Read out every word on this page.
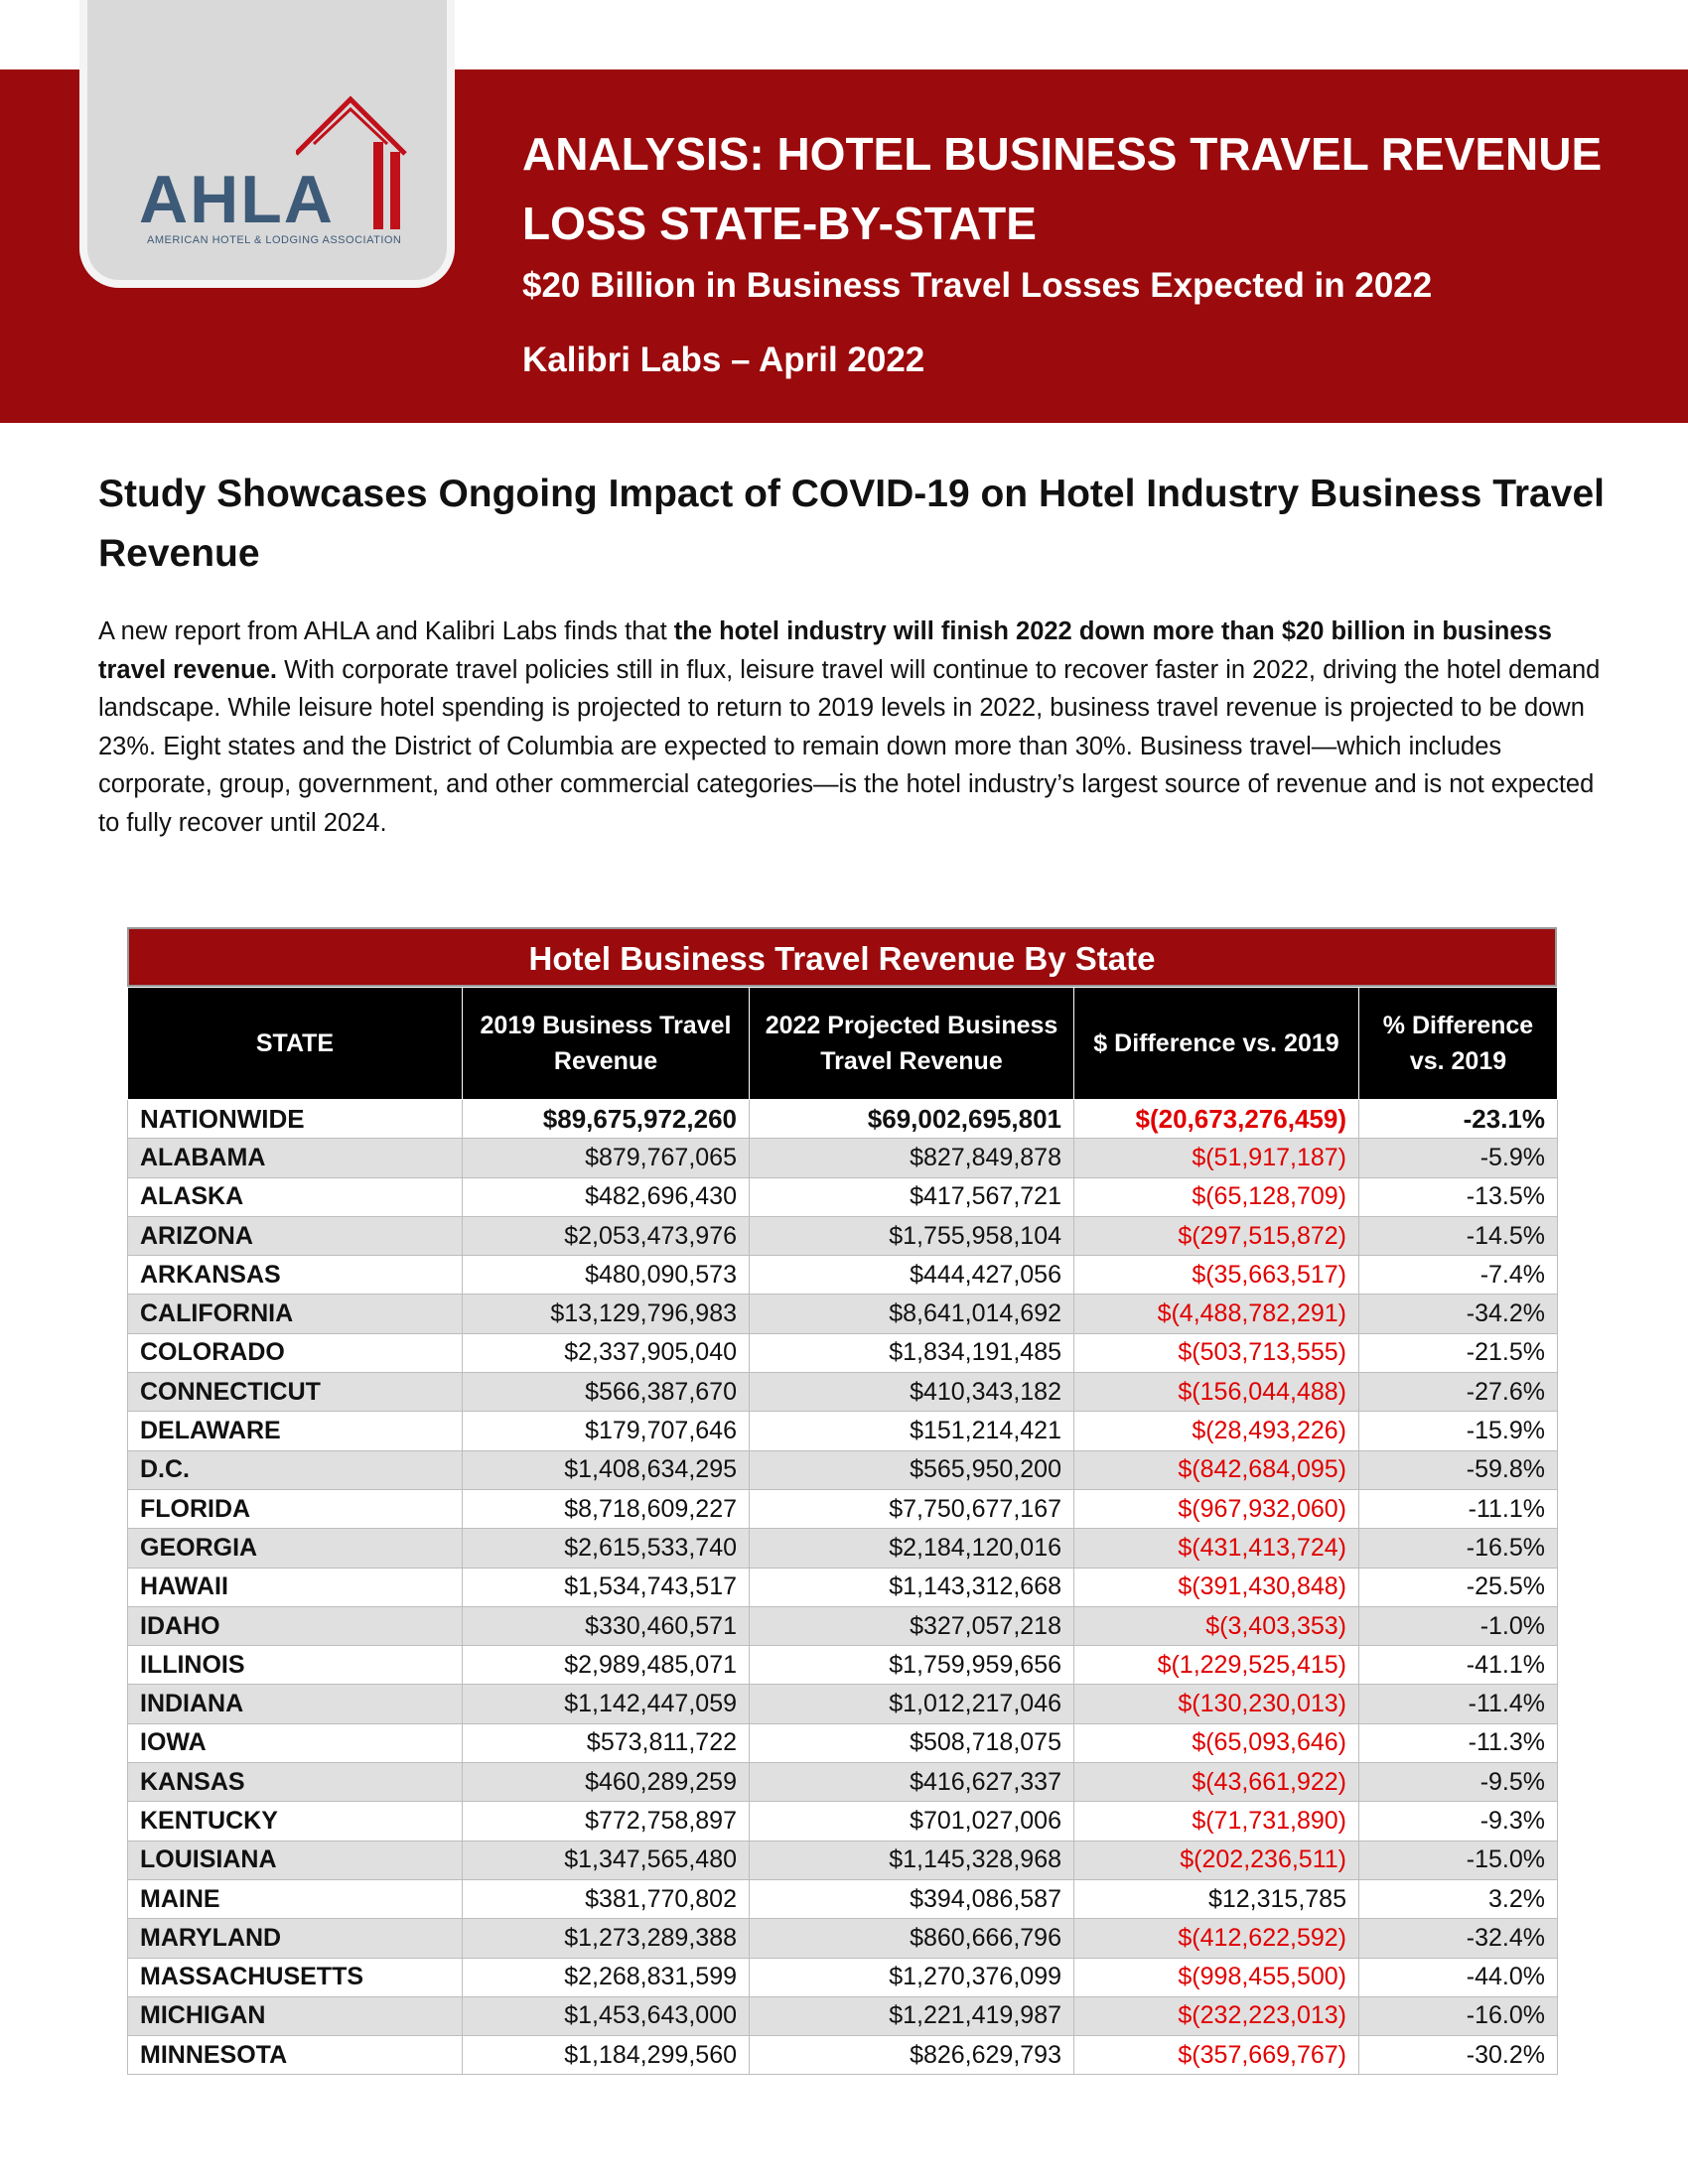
AHLA
AMERICAN HOTEL & LODGING ASSOCIATION
ANALYSIS: HOTEL BUSINESS TRAVEL REVENUE LOSS STATE-BY-STATE
$20 Billion in Business Travel Losses Expected in 2022
Kalibri Labs – April 2022
Study Showcases Ongoing Impact of COVID-19 on Hotel Industry Business Travel Revenue
A new report from AHLA and Kalibri Labs finds that the hotel industry will finish 2022 down more than $20 billion in business travel revenue. With corporate travel policies still in flux, leisure travel will continue to recover faster in 2022, driving the hotel demand landscape. While leisure hotel spending is projected to return to 2019 levels in 2022, business travel revenue is projected to be down 23%. Eight states and the District of Columbia are expected to remain down more than 30%. Business travel—which includes corporate, group, government, and other commercial categories—is the hotel industry’s largest source of revenue and is not expected to fully recover until 2024.
Hotel Business Travel Revenue By State
STATE	2019 Business Travel Revenue	2022 Projected Business Travel Revenue	$ Difference vs. 2019	% Difference vs. 2019
NATIONWIDE	$89,675,972,260	$69,002,695,801	$(20,673,276,459)	-23.1%
ALABAMA	$879,767,065	$827,849,878	$(51,917,187)	-5.9%
ALASKA	$482,696,430	$417,567,721	$(65,128,709)	-13.5%
ARIZONA	$2,053,473,976	$1,755,958,104	$(297,515,872)	-14.5%
ARKANSAS	$480,090,573	$444,427,056	$(35,663,517)	-7.4%
CALIFORNIA	$13,129,796,983	$8,641,014,692	$(4,488,782,291)	-34.2%
COLORADO	$2,337,905,040	$1,834,191,485	$(503,713,555)	-21.5%
CONNECTICUT	$566,387,670	$410,343,182	$(156,044,488)	-27.6%
DELAWARE	$179,707,646	$151,214,421	$(28,493,226)	-15.9%
D.C.	$1,408,634,295	$565,950,200	$(842,684,095)	-59.8%
FLORIDA	$8,718,609,227	$7,750,677,167	$(967,932,060)	-11.1%
GEORGIA	$2,615,533,740	$2,184,120,016	$(431,413,724)	-16.5%
HAWAII	$1,534,743,517	$1,143,312,668	$(391,430,848)	-25.5%
IDAHO	$330,460,571	$327,057,218	$(3,403,353)	-1.0%
ILLINOIS	$2,989,485,071	$1,759,959,656	$(1,229,525,415)	-41.1%
INDIANA	$1,142,447,059	$1,012,217,046	$(130,230,013)	-11.4%
IOWA	$573,811,722	$508,718,075	$(65,093,646)	-11.3%
KANSAS	$460,289,259	$416,627,337	$(43,661,922)	-9.5%
KENTUCKY	$772,758,897	$701,027,006	$(71,731,890)	-9.3%
LOUISIANA	$1,347,565,480	$1,145,328,968	$(202,236,511)	-15.0%
MAINE	$381,770,802	$394,086,587	$12,315,785	3.2%
MARYLAND	$1,273,289,388	$860,666,796	$(412,622,592)	-32.4%
MASSACHUSETTS	$2,268,831,599	$1,270,376,099	$(998,455,500)	-44.0%
MICHIGAN	$1,453,643,000	$1,221,419,987	$(232,223,013)	-16.0%
MINNESOTA	$1,184,299,560	$826,629,793	$(357,669,767)	-30.2%
